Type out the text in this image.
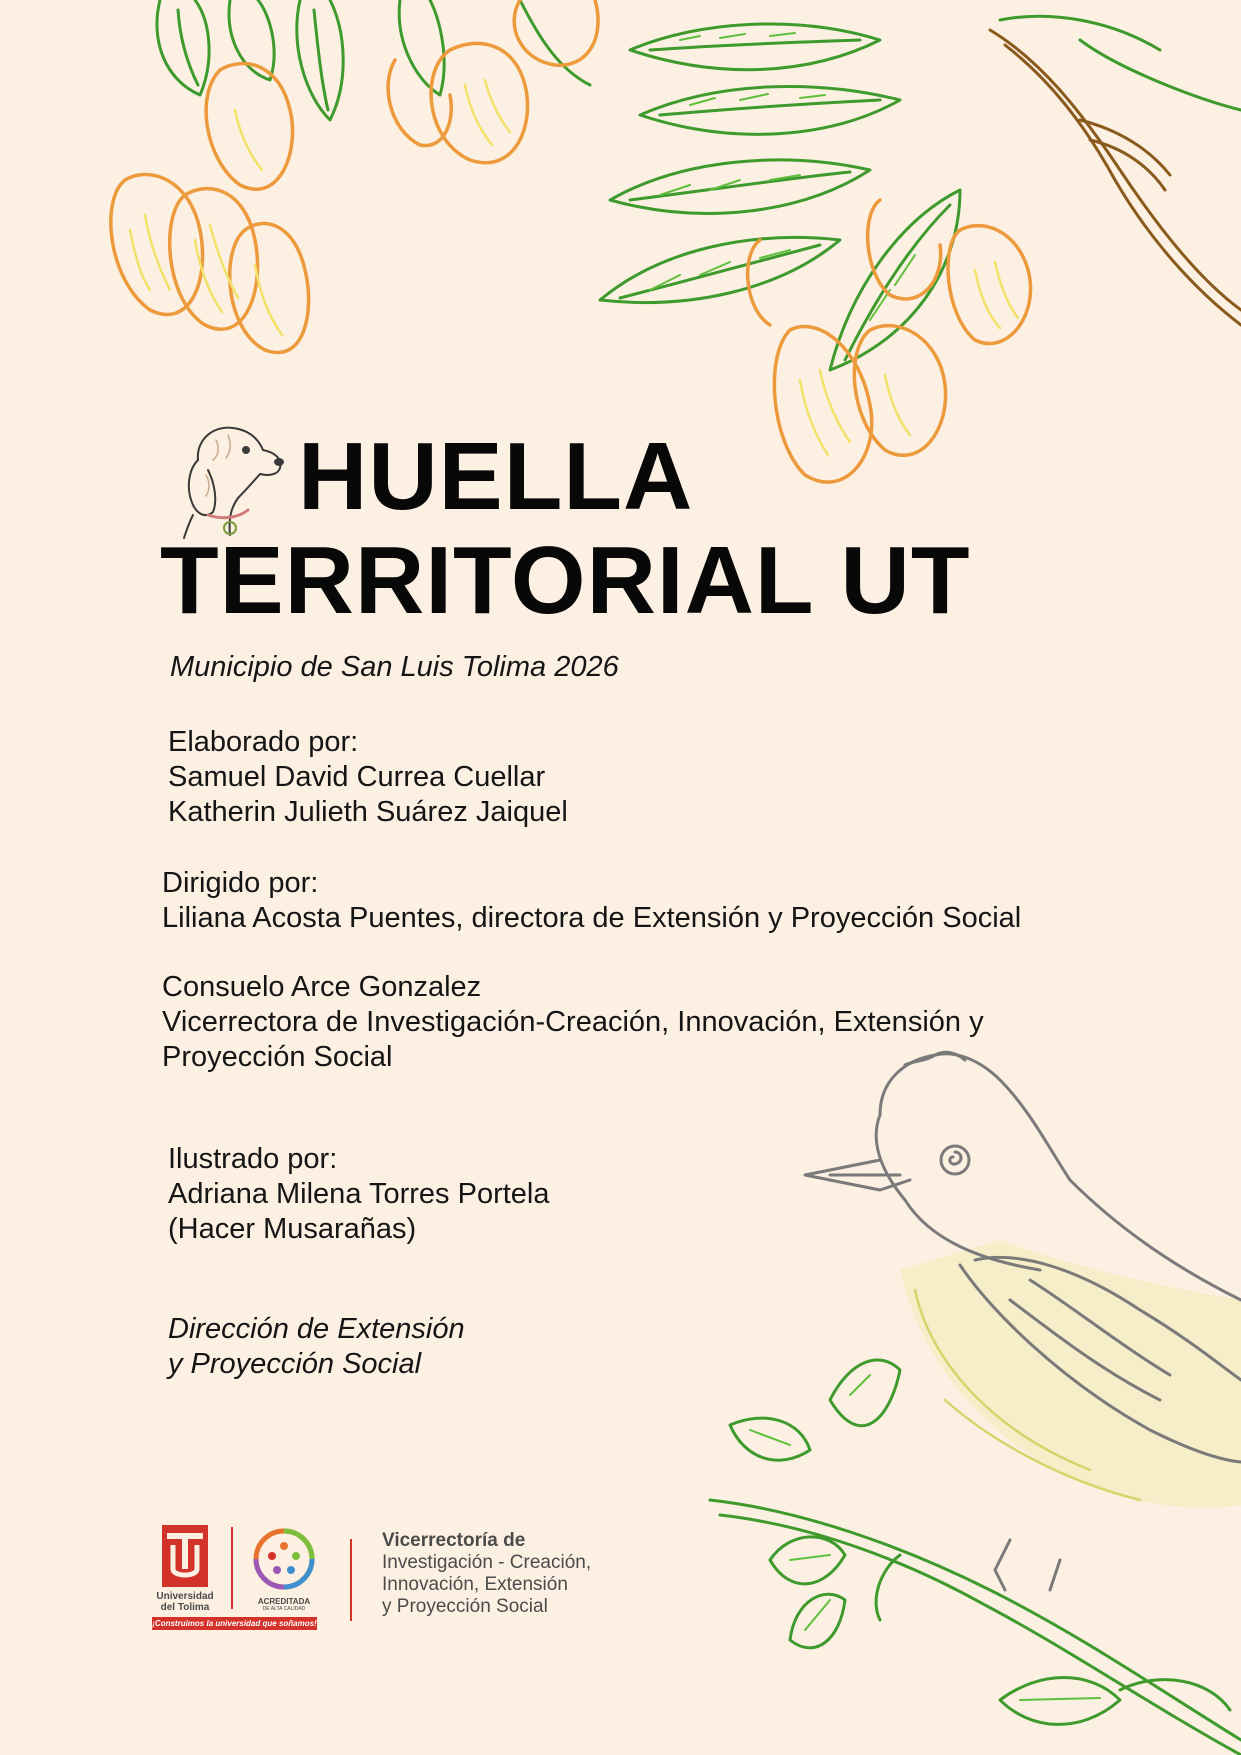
HUELLA
TERRITORIAL UT
Municipio de San Luis Tolima 2026
Elaborado por:
Samuel David Currea Cuellar
Katherin Julieth Suárez Jaiquel
Dirigido por:
Liliana Acosta Puentes, directora de Extensión y Proyección Social
Consuelo Arce Gonzalez
Vicerrectora de Investigación-Creación, Innovación, Extensión y
Proyección Social
Ilustrado por:
Adriana Milena Torres Portela
(Hacer Musarañas)
Dirección de Extensión
y Proyección Social
Universidad
del Tolima
ACREDITADA
DE ALTA CALIDAD
¡Construimos la universidad que soñamos!
Vicerrectoría de
Investigación - Creación,
Innovación, Extensión
y Proyección Social
